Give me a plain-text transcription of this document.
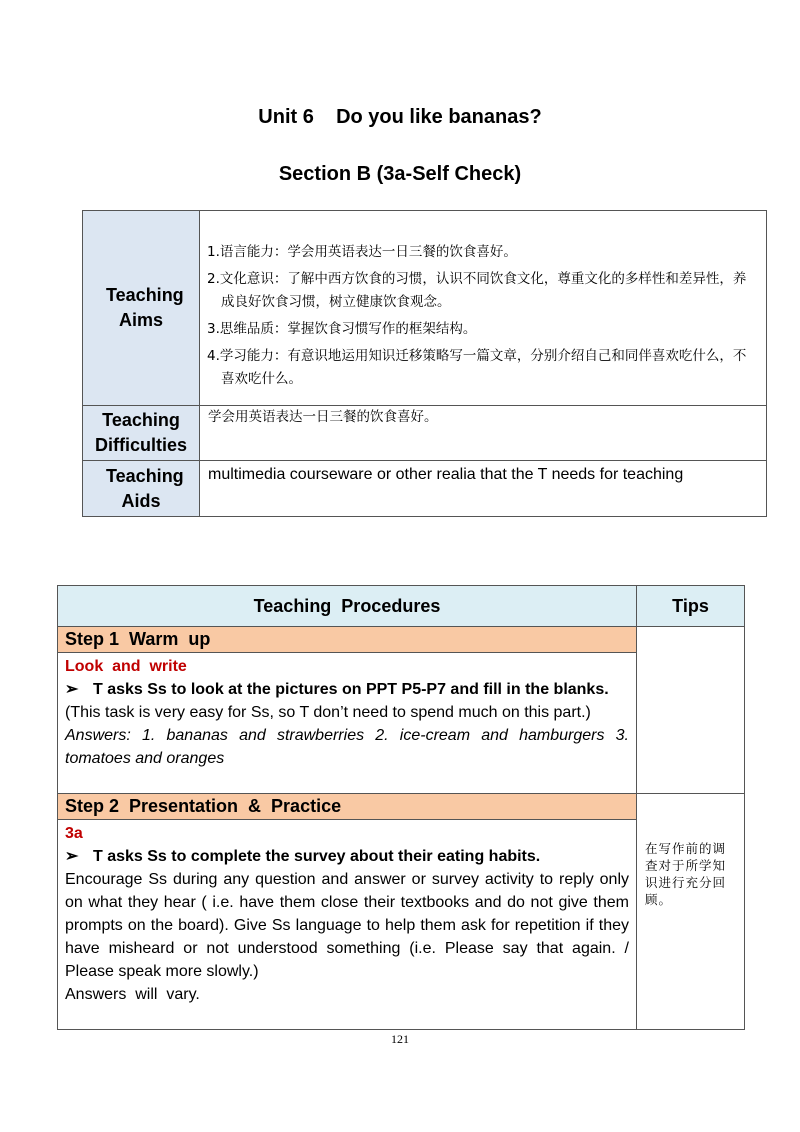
Unit 6    Do you like bananas?
Section B (3a-Self Check)
Teaching Aims	1.语言能力：学会用英语表达一日三餐的饮食喜好。
2.文化意识：了解中西方饮食的习惯，认识不同饮食文化，尊重文化的多样性和差异性，养成良好饮食习惯，树立健康饮食观念。
3.思维品质：掌握饮食习惯写作的框架结构。
4.学习能力：有意识地运用知识迁移策略写一篇文章，分别介绍自己和同伴喜欢吃什么，不喜欢吃什么。

Teaching Difficulties	学会用英语表达一日三餐的饮食喜好。

Teaching Aids	multimedia courseware or other realia that the T needs for teaching
Teaching  Procedures	Tips
Step 1  Warm  up	

Look  and  write
➢ T asks Ss to look at the pictures on PPT P5-P7 and fill in the blanks.
(This task is very easy for Ss, so T don’t need to spend much on this part.)
Answers: 1. bananas and strawberries 2. ice-cream and hamburgers 3. tomatoes and oranges	

Step 2  Presentation  &  Practice	在写作前的调查对于所学知识进行充分回顾。

3a
➢ T asks Ss to complete the survey about their eating habits.
Encourage Ss during any question and answer or survey activity to reply only on what they hear ( i.e. have them close their textbooks and do not give them prompts on the board). Give Ss language to help them ask for repetition if they have misheard or not understood something (i.e. Please say that again. / Please speak more slowly.)
Answers  will  vary.	
121
